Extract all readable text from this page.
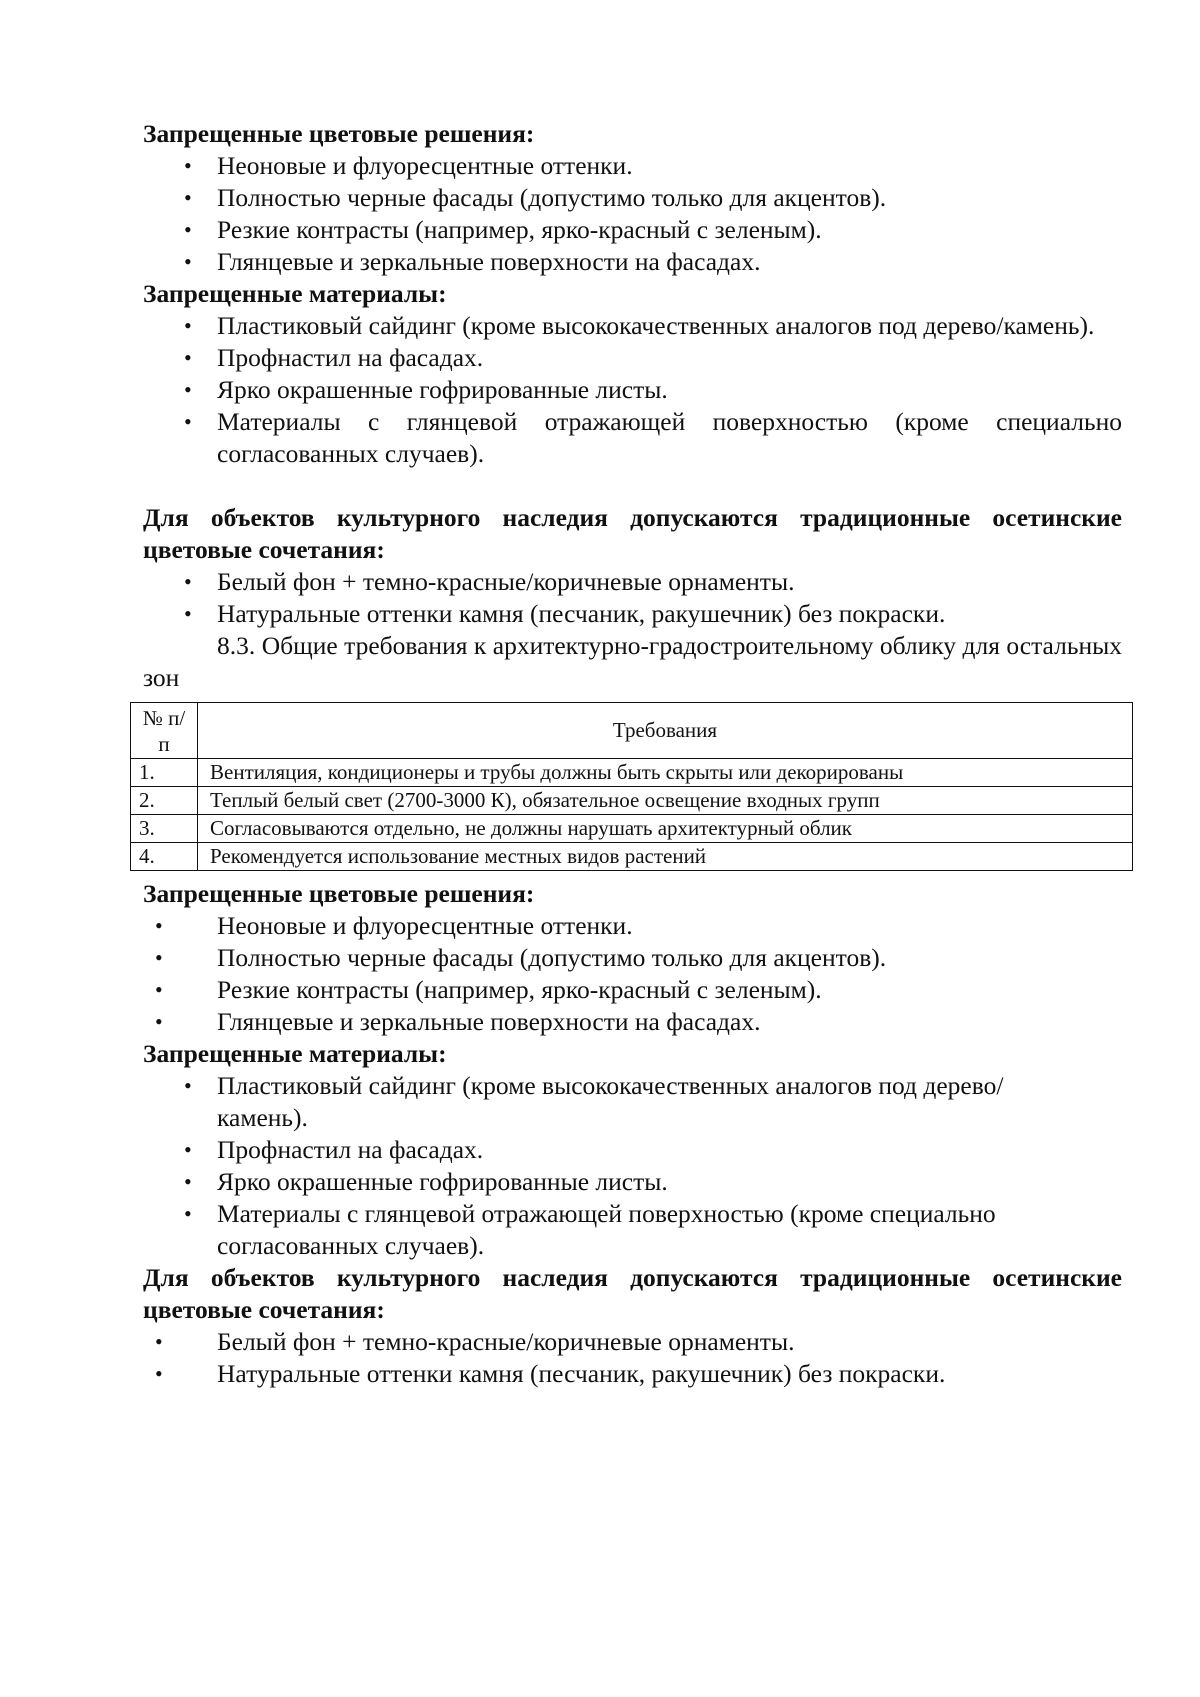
Запрещенные цветовые решения:
• Неоновые и флуоресцентные оттенки.
• Полностью черные фасады (допустимо только для акцентов).
• Резкие контрасты (например, ярко-красный с зеленым).
• Глянцевые и зеркальные поверхности на фасадах.
Запрещенные материалы:
• Пластиковый сайдинг (кроме высококачественных аналогов под дерево/камень).
• Профнастил на фасадах.
• Ярко окрашенные гофрированные листы.
• Материалы с глянцевой отражающей поверхностью (кроме специально согласованных случаев).
Для объектов культурного наследия допускаются традиционные осетинские цветовые сочетания:
• Белый фон + темно-красные/коричневые орнаменты.
• Натуральные оттенки камня (песчаник, ракушечник) без покраски.
8.3. Общие требования к архитектурно-градостроительному облику для остальных зон
№ п/п	Требования
1.	Вентиляция, кондиционеры и трубы должны быть скрыты или декорированы
2.	Теплый белый свет (2700-3000 К), обязательное освещение входных групп
3.	Согласовываются отдельно, не должны нарушать архитектурный облик
4.	Рекомендуется использование местных видов растений
Запрещенные цветовые решения:
• Неоновые и флуоресцентные оттенки.
• Полностью черные фасады (допустимо только для акцентов).
• Резкие контрасты (например, ярко-красный с зеленым).
• Глянцевые и зеркальные поверхности на фасадах.
Запрещенные материалы:
• Пластиковый сайдинг (кроме высококачественных аналогов под дерево/камень).
• Профнастил на фасадах.
• Ярко окрашенные гофрированные листы.
• Материалы с глянцевой отражающей поверхностью (кроме специально согласованных случаев).
Для объектов культурного наследия допускаются традиционные осетинские цветовые сочетания:
• Белый фон + темно-красные/коричневые орнаменты.
• Натуральные оттенки камня (песчаник, ракушечник) без покраски.
